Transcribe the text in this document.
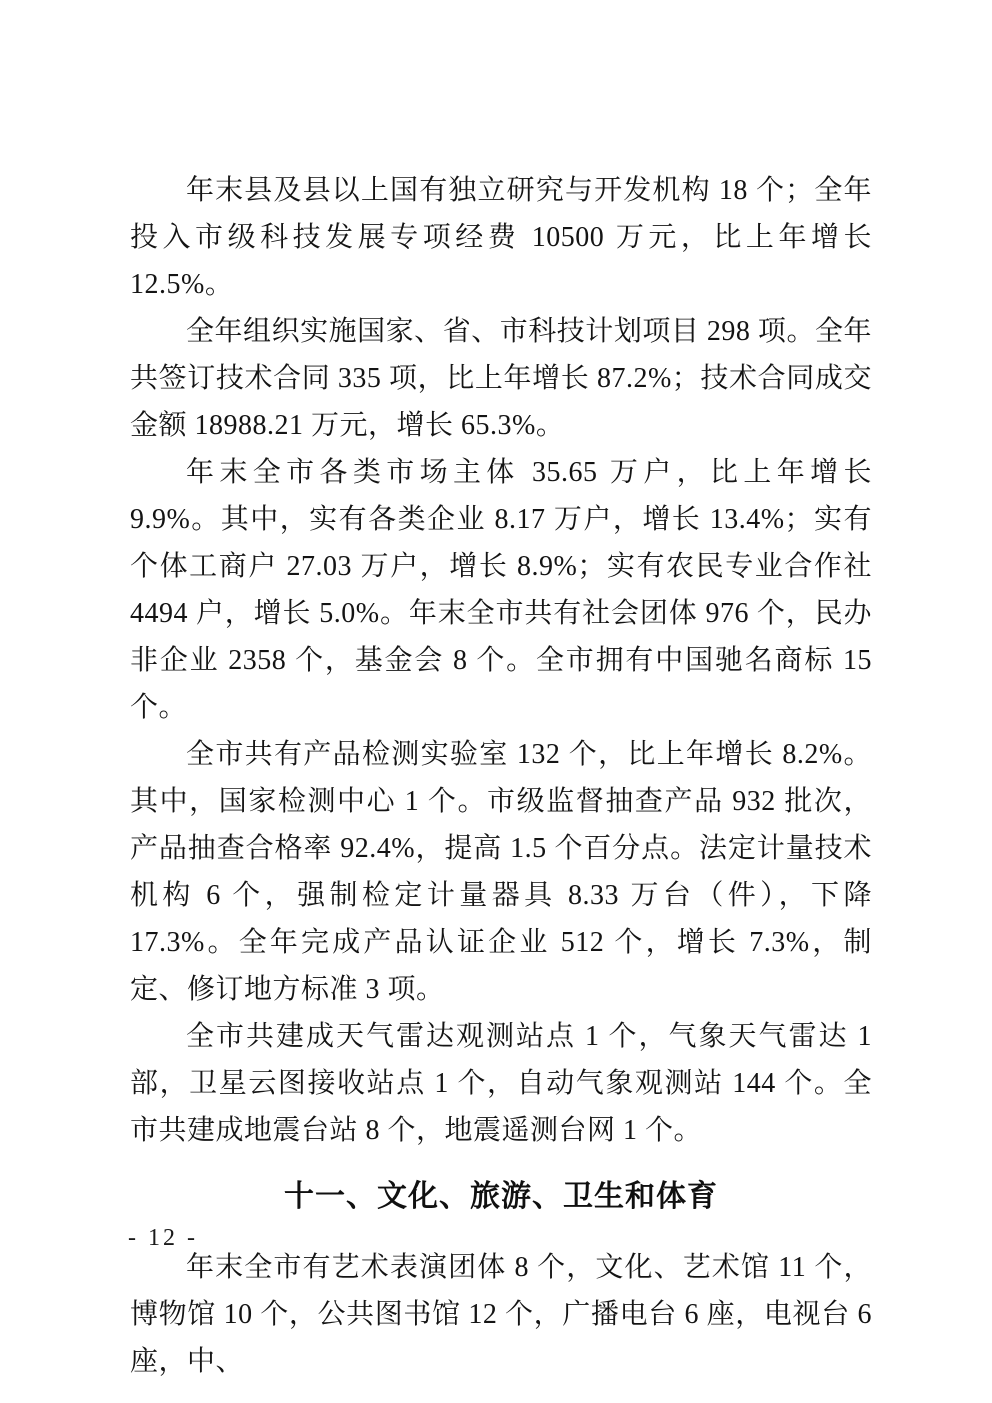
年末县及县以上国有独立研究与开发机构 18 个；全年投入市级科技发展专项经费 10500 万元，比上年增长 12.5%。

全年组织实施国家、省、市科技计划项目 298 项。全年共签订技术合同 335 项，比上年增长 87.2%；技术合同成交金额 18988.21 万元，增长 65.3%。

年末全市各类市场主体 35.65 万户，比上年增长 9.9%。其中，实有各类企业 8.17 万户，增长 13.4%；实有个体工商户 27.03 万户，增长 8.9%；实有农民专业合作社 4494 户，增长 5.0%。年末全市共有社会团体 976 个，民办非企业 2358 个，基金会 8 个。全市拥有中国驰名商标 15 个。

全市共有产品检测实验室 132 个，比上年增长 8.2%。其中，国家检测中心 1 个。市级监督抽查产品 932 批次，产品抽查合格率 92.4%，提高 1.5 个百分点。法定计量技术机构 6 个，强制检定计量器具 8.33 万台（件），下降 17.3%。全年完成产品认证企业 512 个，增长 7.3%，制定、修订地方标准 3 项。

全市共建成天气雷达观测站点 1 个，气象天气雷达 1 部，卫星云图接收站点 1 个，自动气象观测站 144 个。全市共建成地震台站 8 个，地震遥测台网 1 个。

十一、文化、旅游、卫生和体育

年末全市有艺术表演团体 8 个，文化、艺术馆 11 个，博物馆 10 个，公共图书馆 12 个，广播电台 6 座，电视台 6 座，中、

- 12 -
